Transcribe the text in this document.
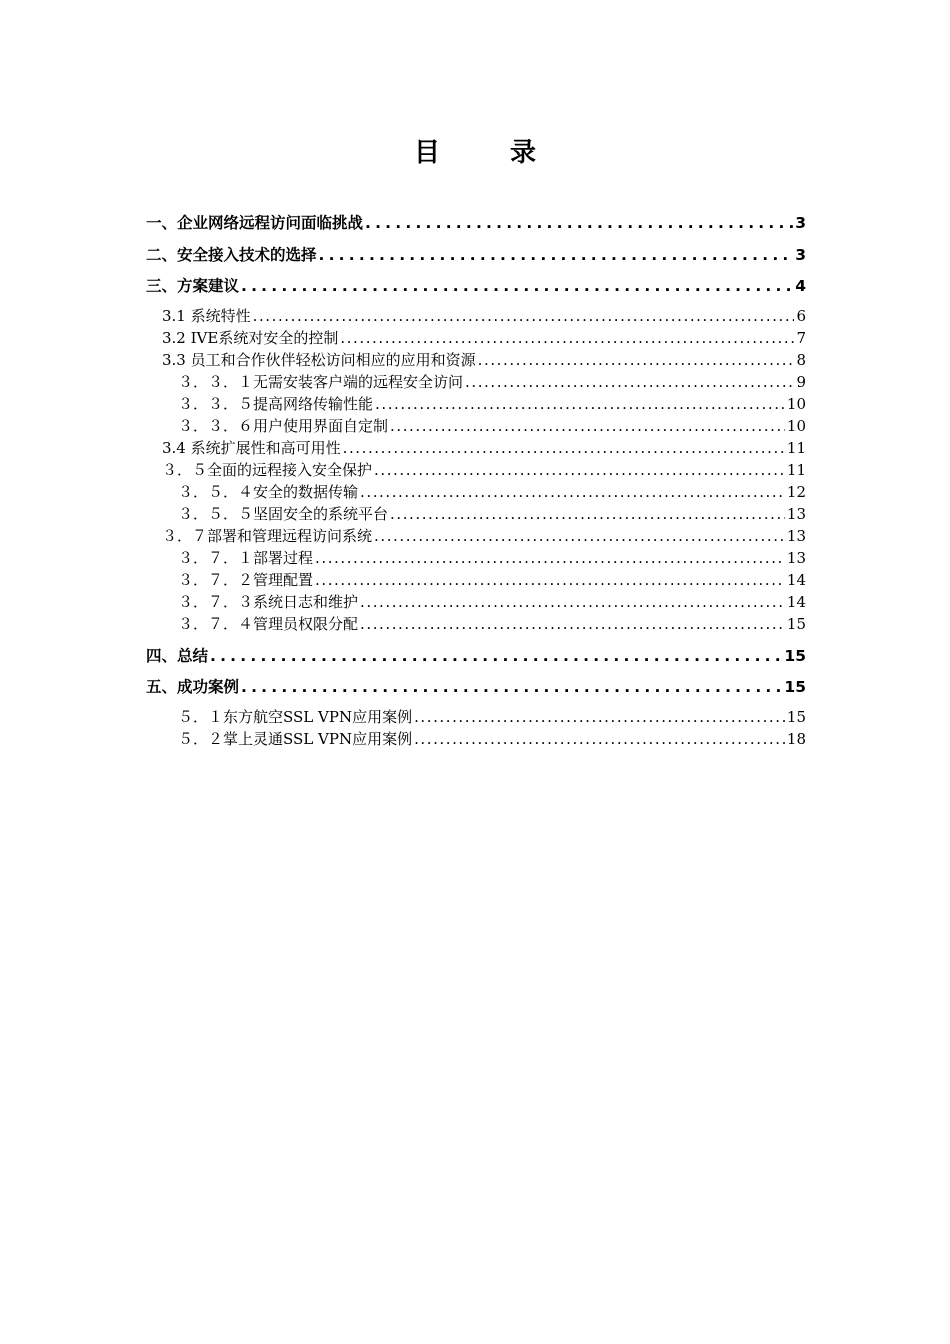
目　录
一、企业网络远程访问面临挑战 . . .	3
二、安全接入技术的选择 . . .	3
三、方案建议 . . .	4
3.1 系统特性 . . .	6
3.2 IVE系统对安全的控制 . . .	7
3.3 员工和合作伙伴轻松访问相应的应用和资源 . . .	8
３．３．１无需安装客户端的远程安全访问 . . .	9
３．３．５提高网络传输性能 . . .	10
３．３．６用户使用界面自定制 . . .	10
3.4 系统扩展性和高可用性 . . .	11
３．５全面的远程接入安全保护 . . .	11
３．５．４安全的数据传输 . . .	12
３．５．５坚固安全的系统平台 . . .	13
３．７部署和管理远程访问系统 . . .	13
３．７．１部署过程 . . .	13
３．７．２管理配置 . . .	14
３．７．３系统日志和维护 . . .	14
３．７．４管理员权限分配 . . .	15
四、总结 . . .	15
五、成功案例 . . .	15
５．１东方航空SSL VPN应用案例 . . .	15
５．２掌上灵通SSL VPN应用案例 . . .	18
